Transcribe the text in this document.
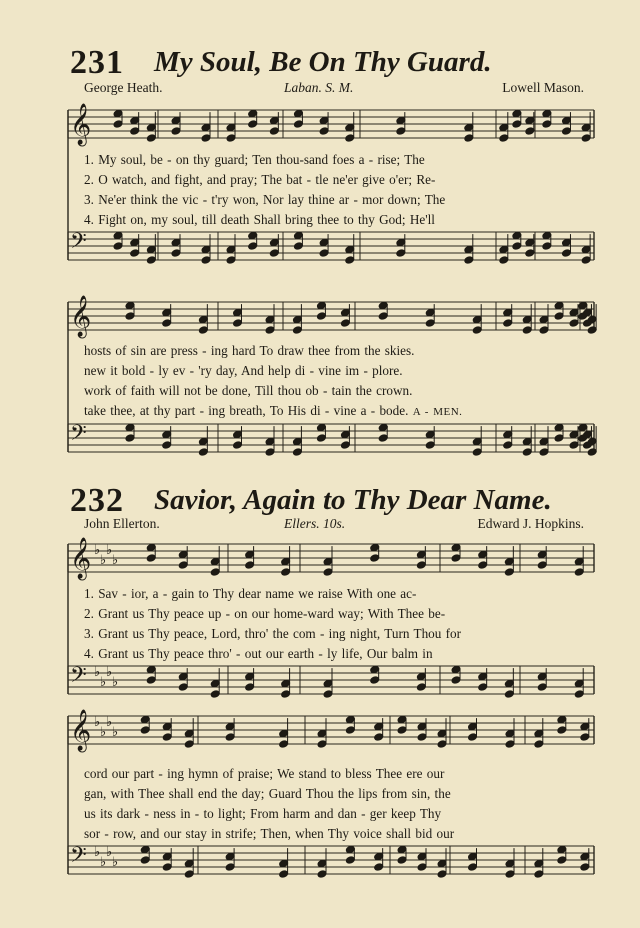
𝄞
𝄢
𝄞
𝄢
𝄞 ♭
♭
♭
♭
𝄢 ♭
♭
♭
♭
𝄞 ♭
♭
♭
♭
𝄢 ♭
♭
♭
♭
231 My Soul, Be On Thy Guard.
George Heath.	Laban. S. M.	Lowell Mason.
1. My soul, be - on thy guard; Ten thou-sand foes a - rise; The
2. O watch, and fight, and pray; The bat - tle ne'er give o'er; Re-
3. Ne'er think the vic - t'ry won, Nor lay thine ar - mor down; The
4. Fight on, my soul, till death Shall bring thee to thy God; He'll
hosts of sin are press - ing hard To draw thee from the skies.
new it bold - ly ev - 'ry day, And help di - vine im - plore.
work of faith will not be done, Till thou ob - tain the crown.
take thee, at thy part - ing breath, To His di - vine a - bode. A - MEN.
232 Savior, Again to Thy Dear Name.
John Ellerton.	Ellers. 10s.	Edward J. Hopkins.
1. Sav - ior, a - gain to Thy dear name we raise With one ac-
2. Grant us Thy peace up - on our home-ward way; With Thee be-
3. Grant us Thy peace, Lord, thro' the com - ing night, Turn Thou for
4. Grant us Thy peace thro' - out our earth - ly life, Our balm in
cord our part - ing hymn of praise; We stand to bless Thee ere our
gan, with Thee shall end the day; Guard Thou the lips from sin, the
us its dark - ness in - to light; From harm and dan - ger keep Thy
sor - row, and our stay in strife; Then, when Thy voice shall bid our
